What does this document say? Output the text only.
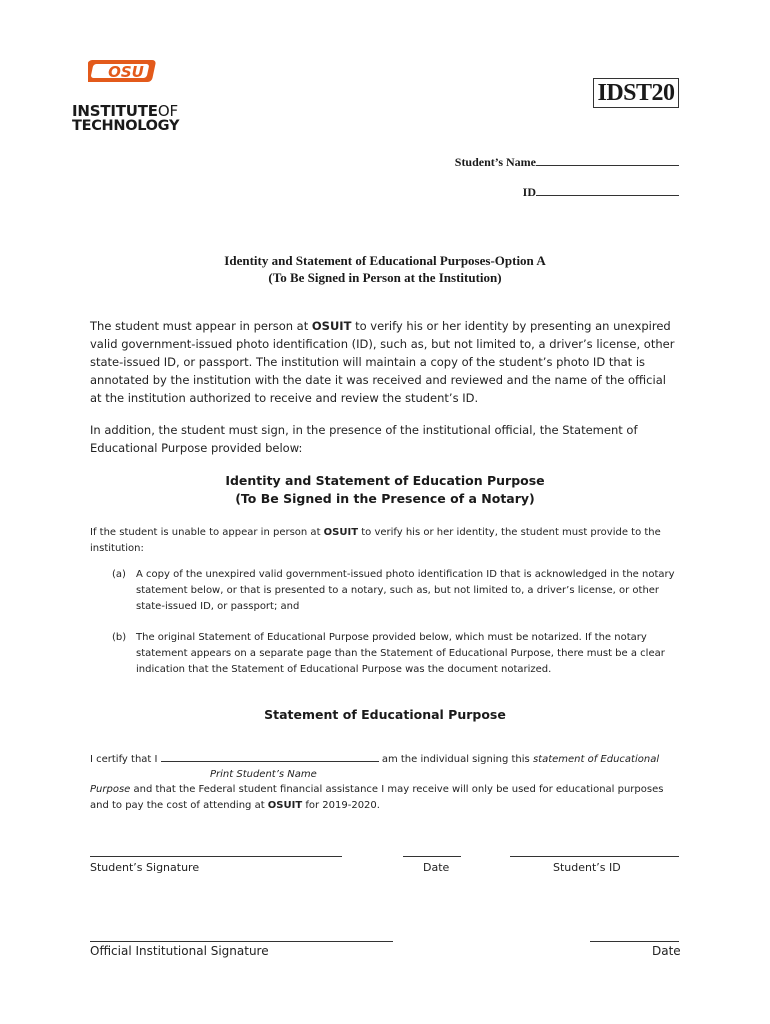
OSU
INSTITUTEOF
TECHNOLOGY
IDST20
Student’s Name
ID
Identity and Statement of Educational Purposes-Option A
(To Be Signed in Person at the Institution)
The student must appear in person at OSUIT to verify his or her identity by presenting an unexpired valid government-issued photo identification (ID), such as, but not limited to, a driver’s license, other state-issued ID, or passport. The institution will maintain a copy of the student’s photo ID that is annotated by the institution with the date it was received and reviewed and the name of the official at the institution authorized to receive and review the student’s ID.
In addition, the student must sign, in the presence of the institutional official, the Statement of Educational Purpose provided below:
Identity and Statement of Education Purpose
(To Be Signed in the Presence of a Notary)
If the student is unable to appear in person at OSUIT to verify his or her identity, the student must provide to the institution:
(a) A copy of the unexpired valid government-issued photo identification ID that is acknowledged in the notary statement below, or that is presented to a notary, such as, but not limited to, a driver’s license, or other state-issued ID, or passport; and
(b) The original Statement of Educational Purpose provided below, which must be notarized. If the notary statement appears on a separate page than the Statement of Educational Purpose, there must be a clear indication that the Statement of Educational Purpose was the document notarized.
Statement of Educational Purpose
I certify that I	am the individual signing this statement of Educational
Print Student’s Name
Purpose and that the Federal student financial assistance I may receive will only be used for educational purposes
and to pay the cost of attending at OSUIT for 2019-2020.
Student’s Signature	Date	Student’s ID
Official Institutional Signature	Date
